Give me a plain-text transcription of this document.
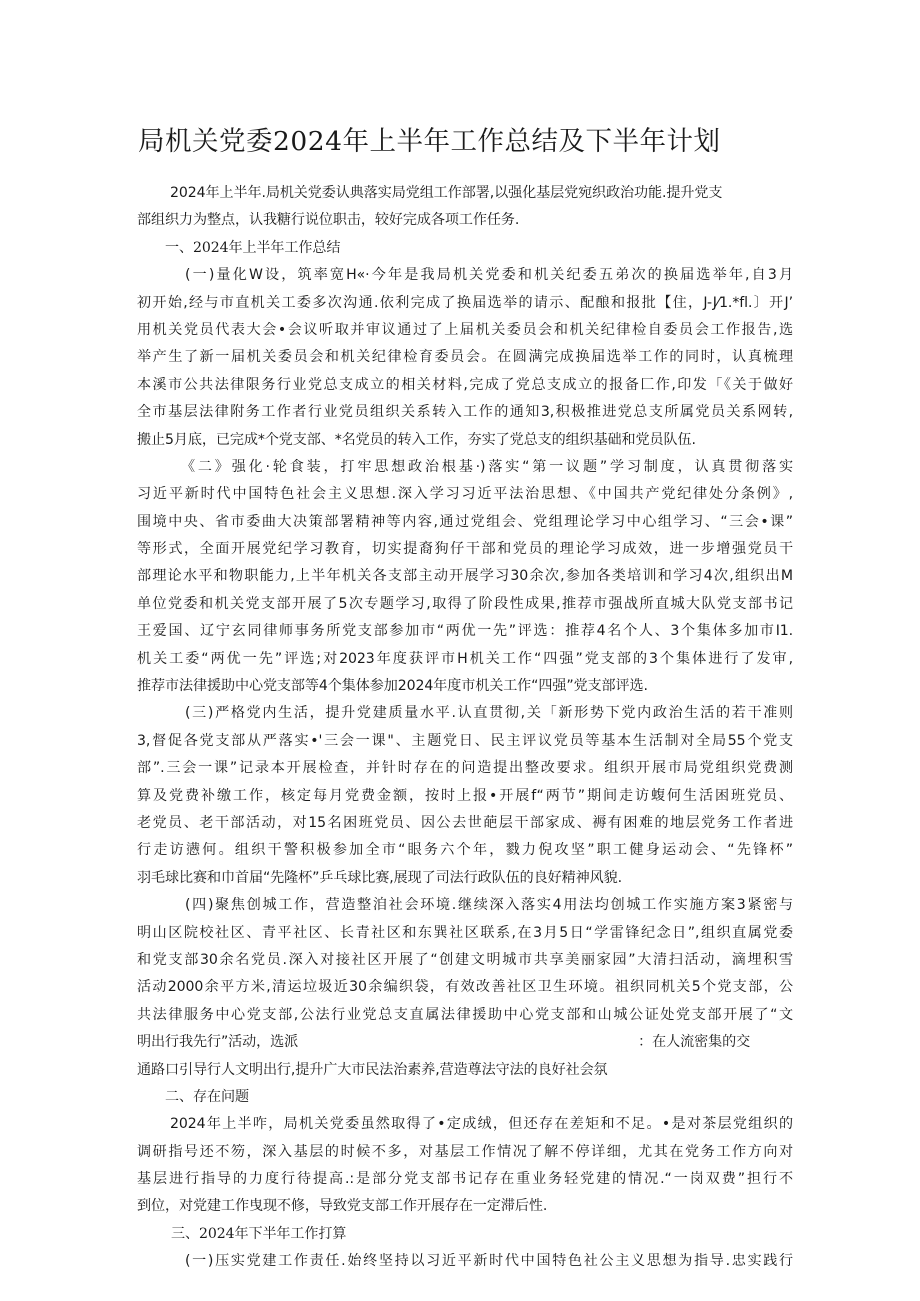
局机关党委2024年上半年工作总结及下半年计划
2024年上半年.局机关党委认典落实局党组工作部署,以强化基层党宛织政治功能.提升党支
部组织力为整点，认我糖行说位职击，较好完成各项工作任务.
一、2024年上半年工作总结
(一)量化W设，筑率宽H«·今年是我局机关党委和机关纪委五弟次的换届选举年,自3月
初开始,经与市直机关工委多次沟通.依利完成了换届选举的请示、配酿和报批【住，J-J⁄1.*fl.〕开J’
用机关党员代表大会•会议听取并审议通过了上届机关委员会和机关纪律检自委员会工作报告,选
举产生了新一届机关委员会和机关纪律检育委员会。在圆满完成换届选举工作的同时，认真梳理
本溪市公共法律限务行业党总支成立的相关材料,完成了党总支成立的报备匚作,印发「《关于做好
全市基层法律附务工作者行业党员组织关系转入工作的通知3,积极推进党总支所属党员关系网转,
搬止5月底，已完成*个党支部、*名党员的转入工作，夯实了党总支的组织基础和党员队伍.
《二》强化·轮食装，打牢思想政治根基·)落实“第一议题”学习制度，认真贯彻落实
习近平新时代中国特色社会主义思想.深入学习习近平法治思想、《中国共产党纪律处分条例》,
围境中央、省市委曲大决策部署精神等内容,通过党组会、党组理论学习中心组学习、“三会•课”
等形式，全面开展党纪学习教育，切实提裔狗仔干部和党员的理论学习成效，进一步增强党员干
部理论水平和物职能力,上半年机关各支部主动开展学习30余次,参加各类培训和学习4次,组织出M
单位党委和机关党支部开展了5次专题学习,取得了阶段性成果,推荐市强战所直城大队党支部书记
王爱国、辽宁玄同律师事务所党支部参加市“两优一先”评选：推荐4名个人、3个集体多加市I1.
机关工委“两优一先”评选;对2023年度获评市H机关工作“四强”党支部的3个集体进行了发审,
推荐市法律援助中心党支部等4个集体参加2024年度市机关工作“四强”党支部评选.
(三)严格党内生活，提升党建质量水平.认直贯彻,关「新形势下党内政治生活的若干准则
3,督促各党支部从严落实•'三会一课"、主题党日、民主评议党员等基本生活制对全局55个党支
部”.三会一课”记录本开展检查，并针时存在的问造提出整改要求。组织开展市局党组织党费测
算及党费补缴工作，核定每月党费金额，按时上报•开展f“两节”期间走访蝮何生活困班党员、
老党员、老干部活动，对15名困班党员、因公去世葩层干部家成、褥有困难的地层党务工作者进
行走访懑何。组织干警积极参加全市“眼务六个年，戮力倪攻坚”职工健身运动会、“先锋杯”
羽毛球比赛和巾首届“先隆杯”乒乓球比赛,展现了司法行政队伍的良好精神风貌.
(四)聚焦创城工作，营造整洎社会环境.继续深入落实4用法均创城工作实施方案3紧密与
明山区院校社区、青平社区、长青社区和东巽社区联系,在3月5日“学雷锋纪念日”,组织直属党委
和党支部30余名党员.深入对接社区开展了“创建文明城市共享美丽家园”大清扫活动，滴埋积雪
活动2000余平方米,清运垃圾近30余编织袋，有效改善社区卫生环境。祖织同机关5个党支部，公
共法律服务中心党支部,公法行业党总支直属法律援助中心党支部和山城公证处党支部开展了“文
明出行我先行”活动，选派	：在人流密集的交
通路口引导行人文明出行,提升广大市民法治素养,营造尊法守法的良好社会氛
二、存在问题
2024年上半咋，局机关党委虽然取得了•定成绒，但还存在差矩和不足。•是对茶层党组织的
调研指号还不笏，深入基层的时候不多，对基层工作情况了解不停详细，尤其在党务工作方向对
基层进行指导的力度行待提高.:是部分党支部书记存在重业务轻党建的情况.“一岗双费”担行不
到位，对党建工作曳现不修，导致党支部工作开展存在一定滞后性.
三、2024年下半年工作打算
(一)压实党建工作责任.始终坚持以习近平新时代中国特色社公主义思想为指导.忠实践行
